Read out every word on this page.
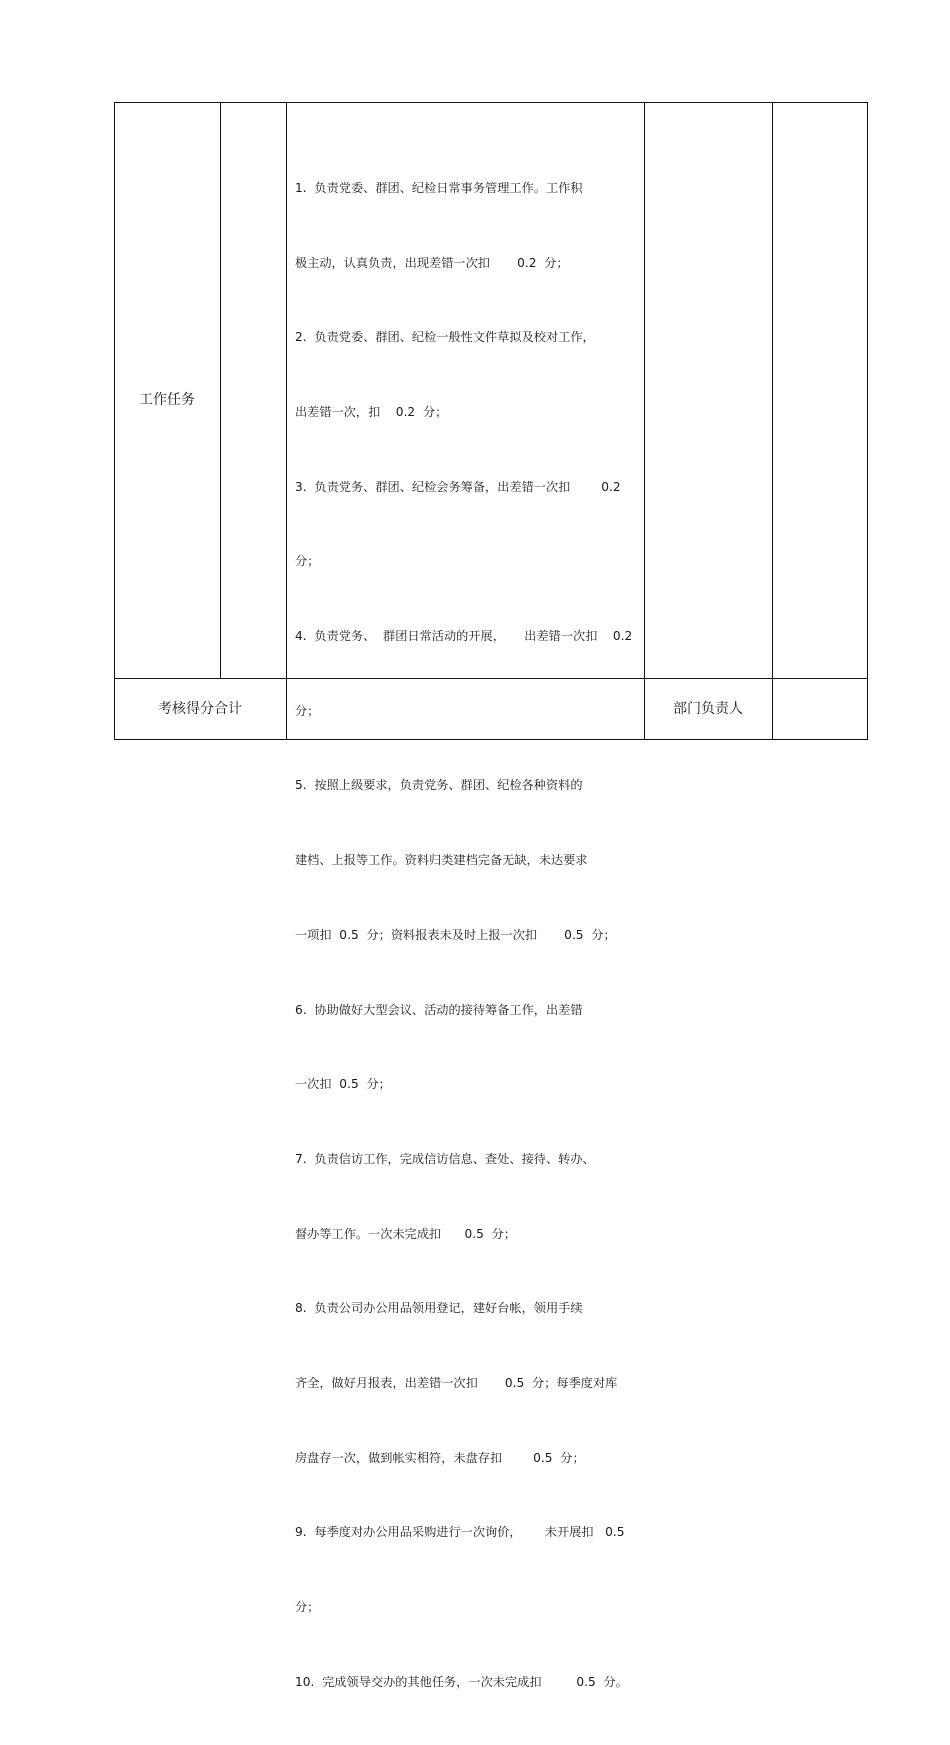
工作任务

1.  负责党委、群团、纪检日常事务管理工作。工作积

极主动，认真负责，出现差错一次扣       0.2  分；

2.  负责党委、群团、纪检一般性文件草拟及校对工作，

出差错一次，扣    0.2  分；

3.  负责党务、群团、纪检会务筹备，出差错一次扣        0.2

分；

4.  负责党务、  群团日常活动的开展，     出差错一次扣    0.2

分；

5.  按照上级要求，负责党务、群团、纪检各种资料的

建档、上报等工作。资料归类建档完备无缺，未达要求

一项扣  0.5  分；资料报表未及时上报一次扣       0.5  分；

6.  协助做好大型会议、活动的接待筹备工作，出差错

一次扣  0.5  分；

7.  负责信访工作，完成信访信息、查处、接待、转办、

督办等工作。一次未完成扣      0.5  分；

8.  负责公司办公用品领用登记，建好台帐，领用手续

齐全，做好月报表，出差错一次扣       0.5  分；每季度对库

房盘存一次，做到帐实相符，未盘存扣        0.5  分；

9.  每季度对办公用品采购进行一次询价，      未开展扣   0.5

分；

10.  完成领导交办的其他任务，一次未完成扣         0.5  分。

考核得分合计	部门负责人
